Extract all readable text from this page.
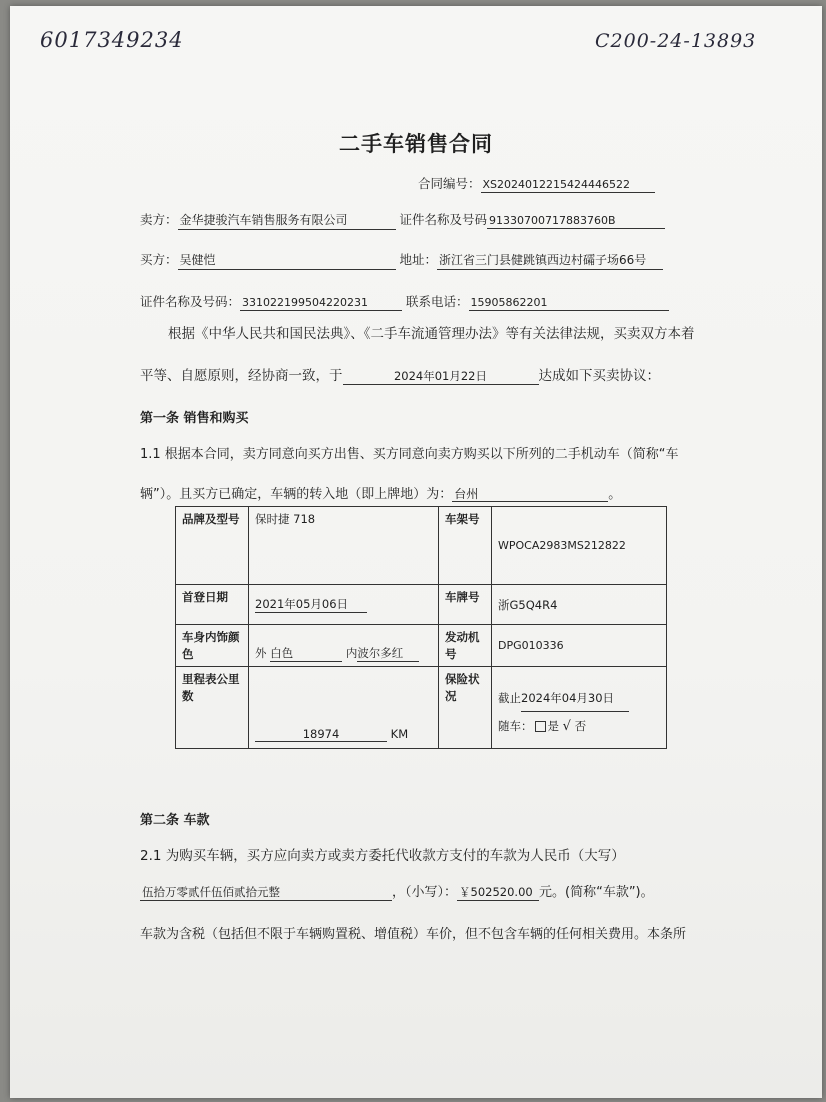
6017349234	C200-24-13893
二手车销售合同
合同编号： XS2024012215424446522
卖方： 金华捷骏汽车销售服务有限公司	证件名称及号码 91330700717883760B
买方： 吴健恺	地址： 浙江省三门县健跳镇西边村礵子场66号
证件名称及号码： 331022199504220231	联系电话： 15905862201
根据《中华人民共和国民法典》、《二手车流通管理办法》等有关法律法规，买卖双方本着
平等、自愿原则，经协商一致，于	2024年01月22日	达成如下买卖协议：
第一条 销售和购买
1.1 根据本合同，卖方同意向买方出售、买方同意向卖方购买以下所列的二手机动车（简称“车
辆”）。且买方已确定，车辆的转入地（即上牌地）为： 台州	。
品牌及型号	保时捷 718	车架号	WPOCA2983MS212822
首登日期	2021年05月06日	车牌号	浙G5Q4R4
车身内饰颜色	外 白色 内波尔多红	发动机号	DPG010336
里程表公里数	18974 KM	保险状况	截止2024年04月30日
随车： 是 √ 否
第二条 车款
2.1 为购买车辆，买方应向卖方或卖方委托代收款方支付的车款为人民币（大写）
伍拾万零贰仟伍佰贰拾元整	，（小写）： ￥502520.00 元。(简称“车款”)。
车款为含税（包括但不限于车辆购置税、增值税）车价，但不包含车辆的任何相关费用。本条所
